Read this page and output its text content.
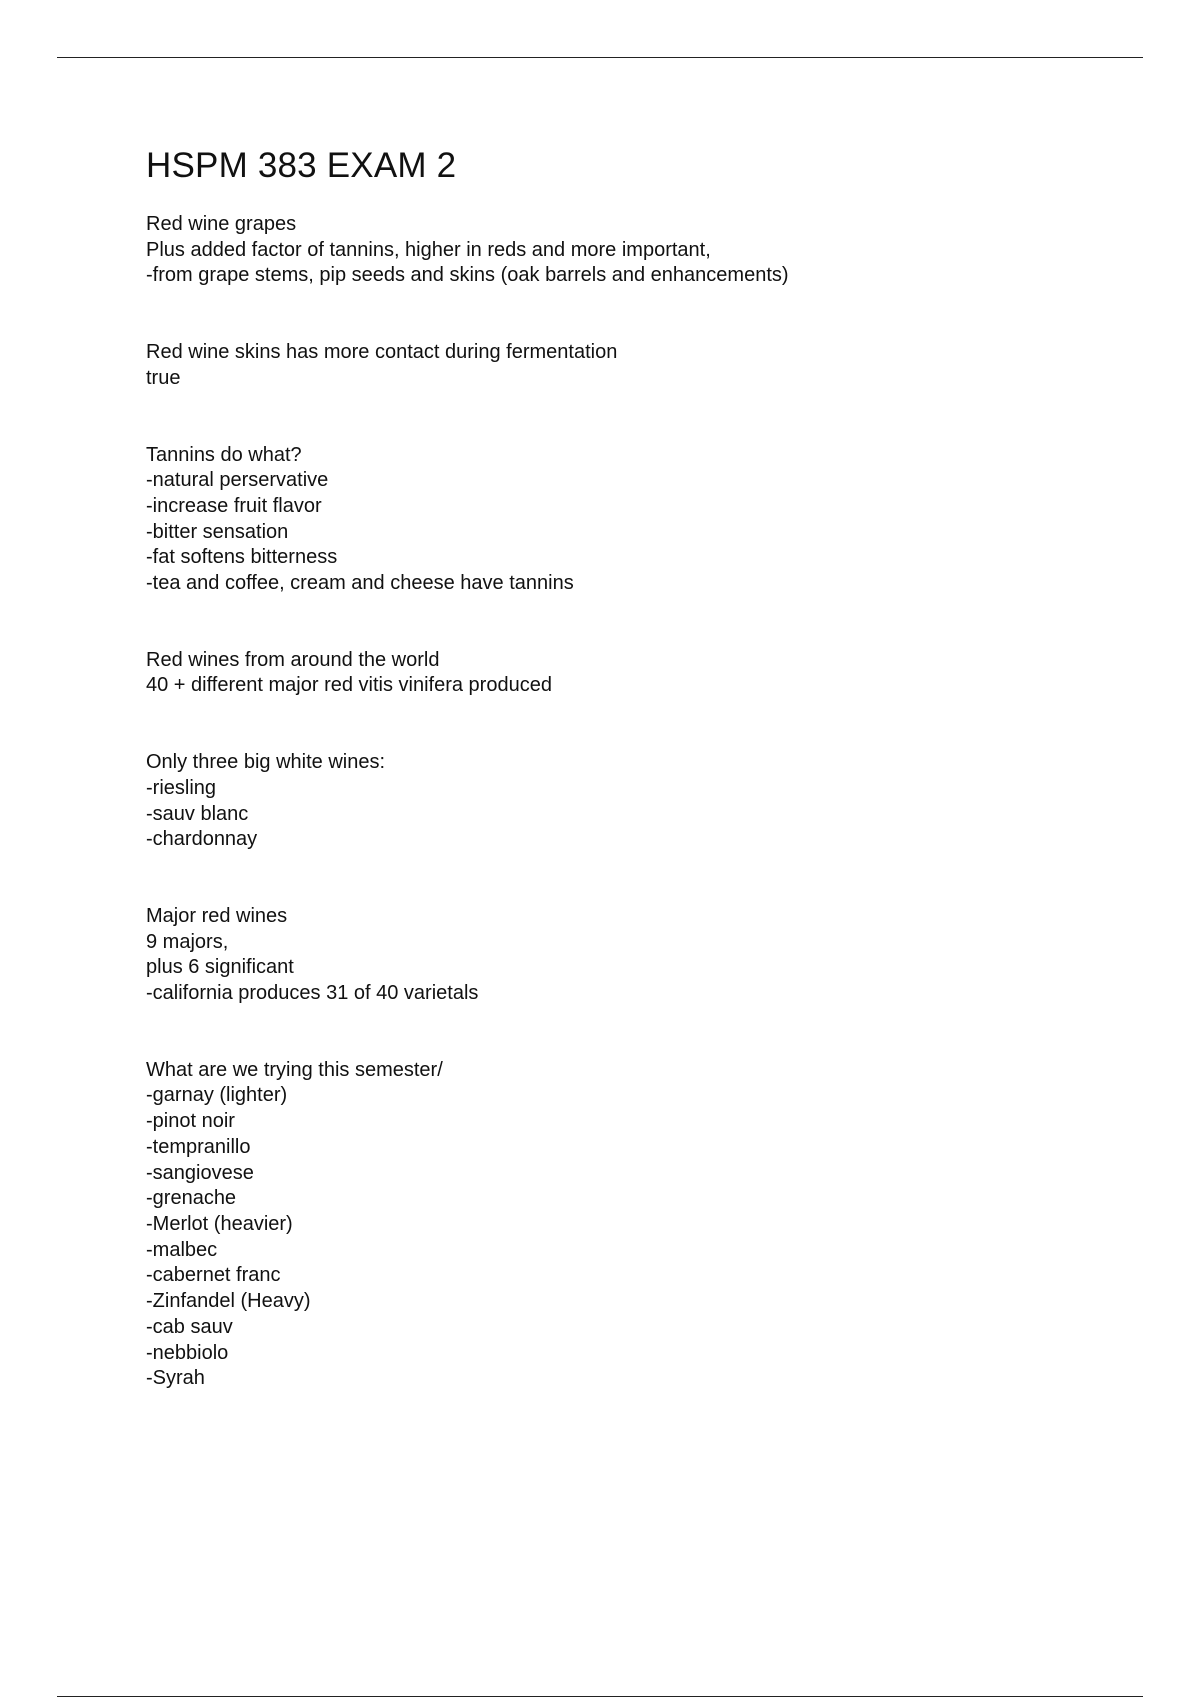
HSPM 383 EXAM 2
Red wine grapes
Plus added factor of tannins, higher in reds and more important,
-from grape stems, pip seeds and skins (oak barrels and enhancements)
Red wine skins has more contact during fermentation
true
Tannins do what?
-natural perservative
-increase fruit flavor
-bitter sensation
-fat softens bitterness
-tea and coffee, cream and cheese have tannins
Red wines from around the world
40 + different major red vitis vinifera produced
Only three big white wines:
-riesling
-sauv blanc
-chardonnay
Major red wines
9 majors,
plus 6 significant
-california produces 31 of 40 varietals
What are we trying this semester/
-garnay (lighter)
-pinot noir
-tempranillo
-sangiovese
-grenache
-Merlot (heavier)
-malbec
-cabernet franc
-Zinfandel (Heavy)
-cab sauv
-nebbiolo
-Syrah
